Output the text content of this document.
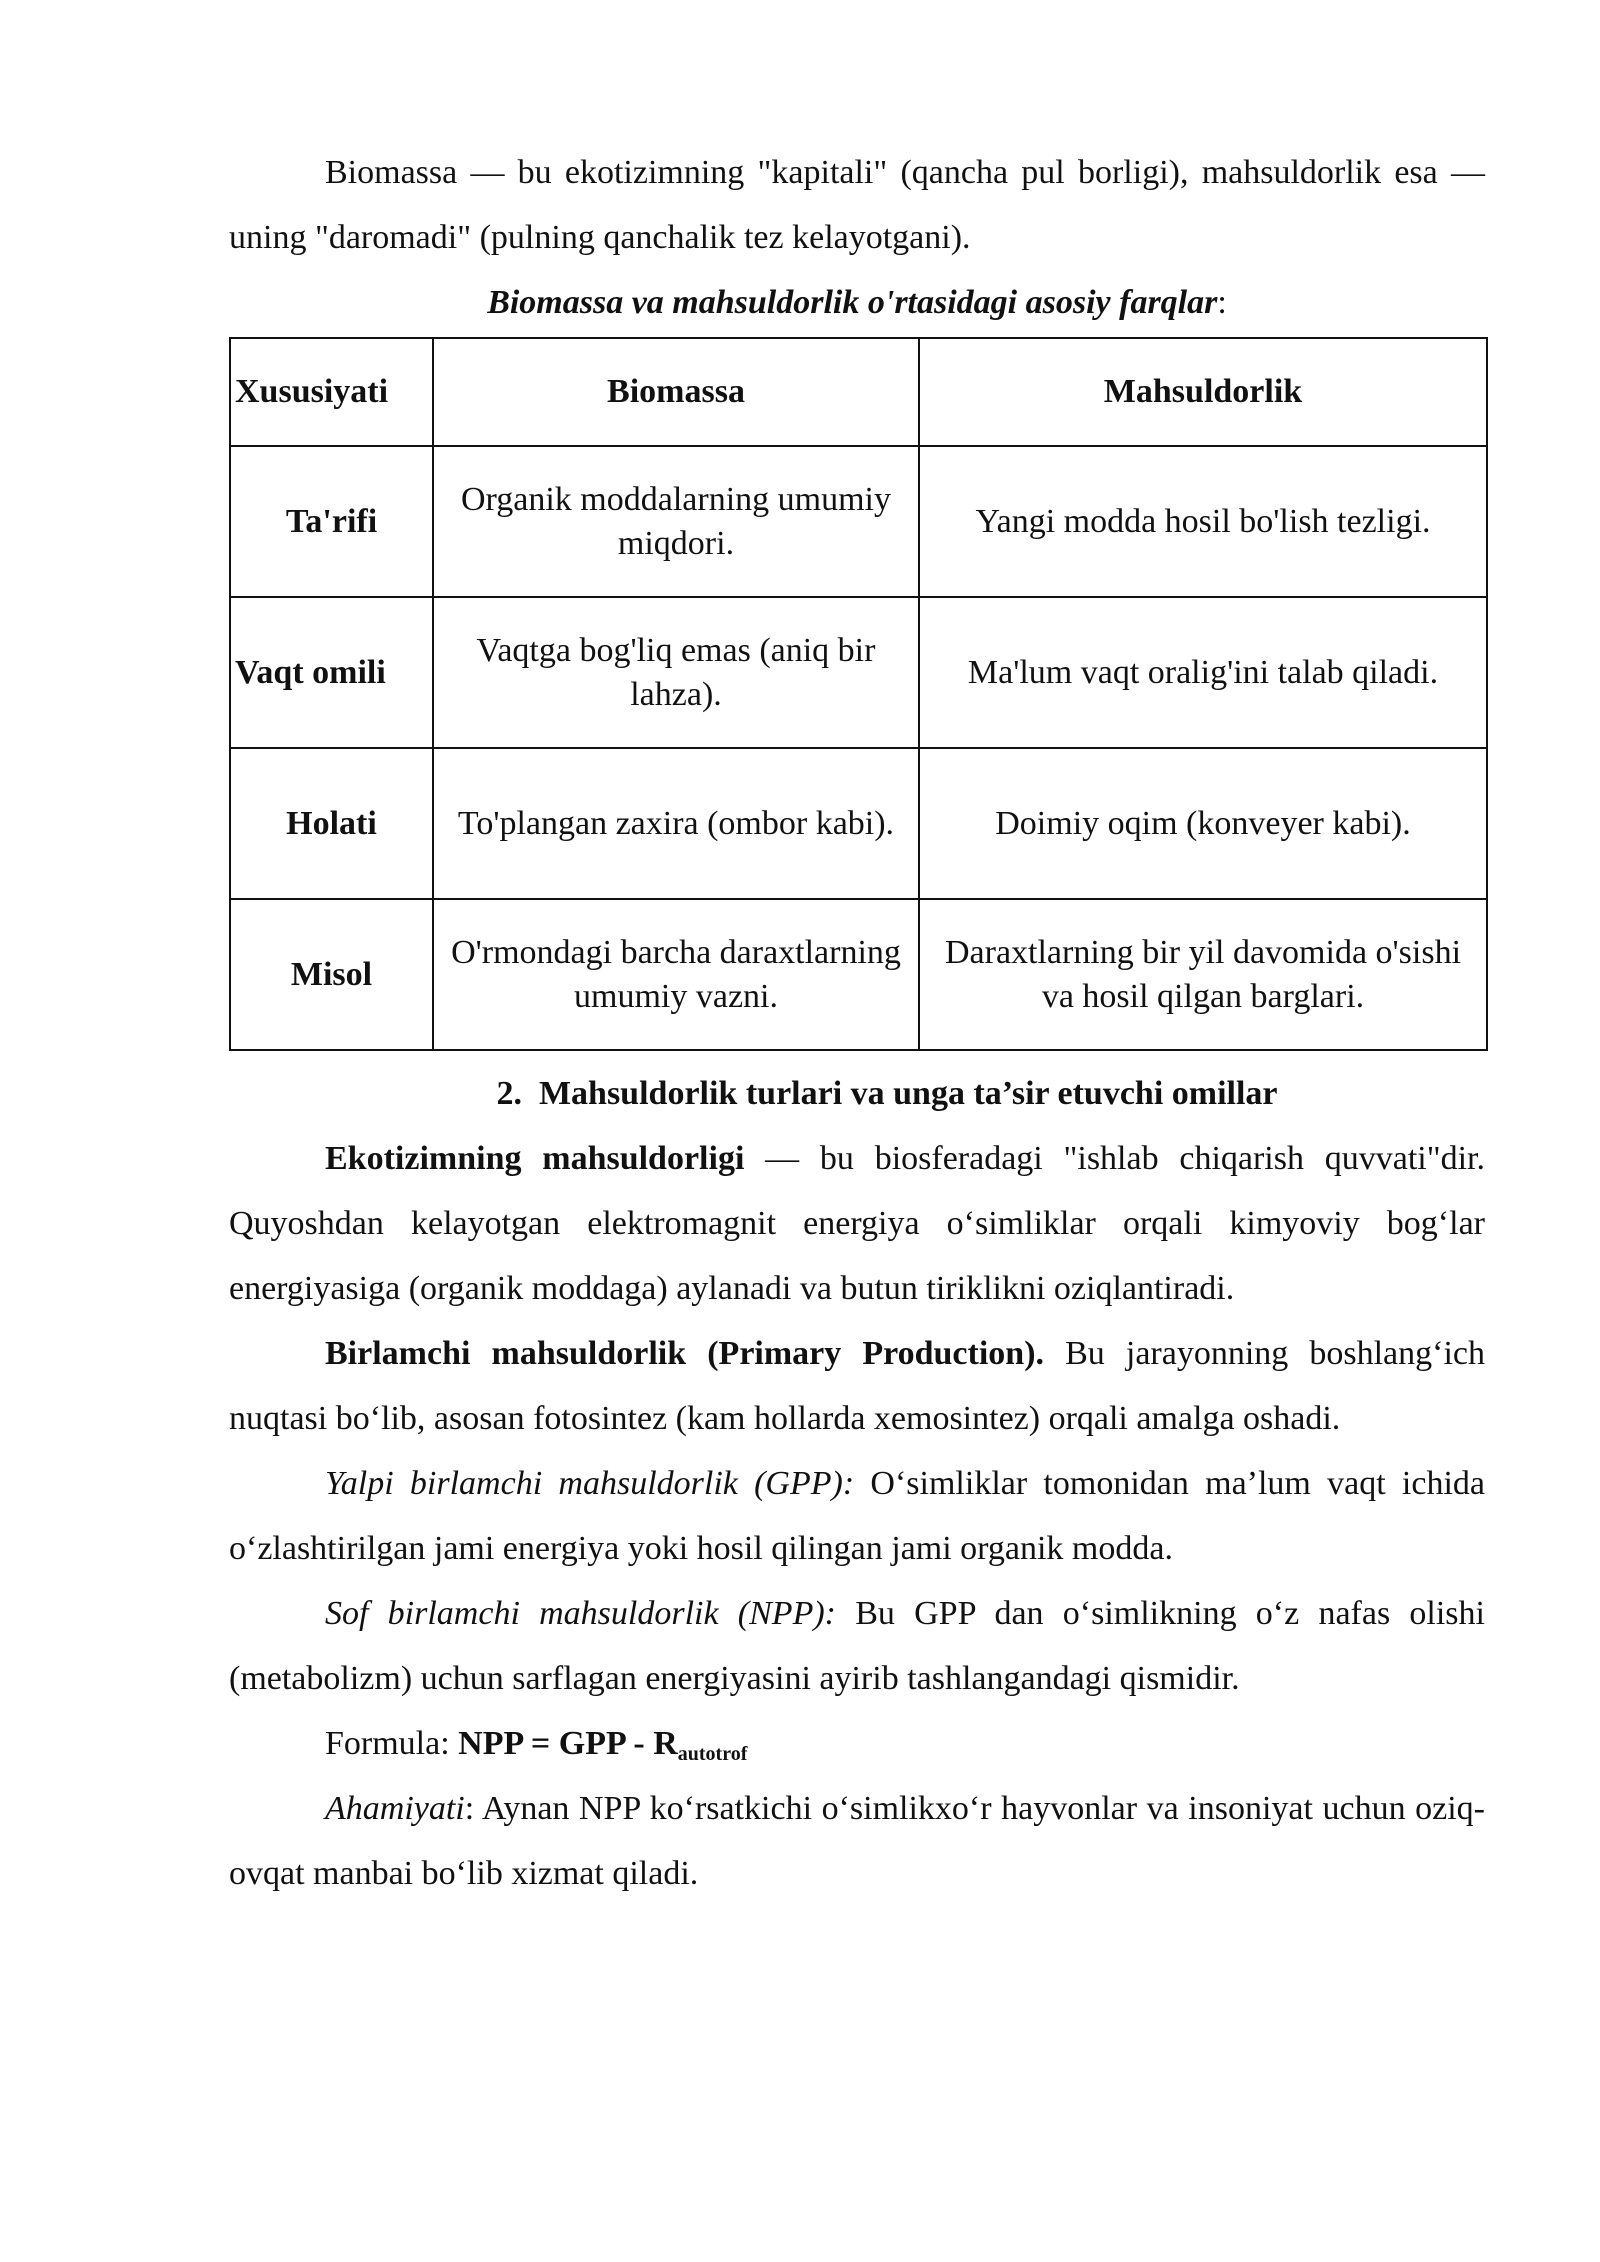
Biomassa — bu ekotizimning "kapitali" (qancha pul borligi), mahsuldorlik esa — uning "daromadi" (pulning qanchalik tez kelayotgani).

Biomassa va mahsuldorlik o'rtasidagi asosiy farqlar:
Xususiyati	Biomassa	Mahsuldorlik
Ta'rifi	Organik moddalarning umumiy miqdori.	Yangi modda hosil bo'lish tezligi.
Vaqt omili	Vaqtga bog'liq emas (aniq bir lahza).	Ma'lum vaqt oralig'ini talab qiladi.
Holati	To'plangan zaxira (ombor kabi).	Doimiy oqim (konveyer kabi).
Misol	O'rmondagi barcha daraxtlarning umumiy vazni.	Daraxtlarning bir yil davomida o'sishi va hosil qilgan barglari.
2. Mahsuldorlik turlari va unga ta’sir etuvchi omillar

Ekotizimning mahsuldorligi — bu biosferadagi "ishlab chiqarish quvvati"dir. Quyoshdan kelayotgan elektromagnit energiya o‘simliklar orqali kimyoviy bog‘lar energiyasiga (organik moddaga) aylanadi va butun tiriklikni oziqlantiradi.

Birlamchi mahsuldorlik (Primary Production). Bu jarayonning boshlang‘ich nuqtasi bo‘lib, asosan fotosintez (kam hollarda xemosintez) orqali amalga oshadi.

Yalpi birlamchi mahsuldorlik (GPP): O‘simliklar tomonidan ma’lum vaqt ichida o‘zlashtirilgan jami energiya yoki hosil qilingan jami organik modda.

Sof birlamchi mahsuldorlik (NPP): Bu GPP dan o‘simlikning o‘z nafas olishi (metabolizm) uchun sarflagan energiyasini ayirib tashlangandagi qismidir.

Formula: NPP = GPP - $R_{autotrof}$

Ahamiyati: Aynan NPP ko‘rsatkichi o‘simlikxo‘r hayvonlar va insoniyat uchun oziq-ovqat manbai bo‘lib xizmat qiladi.
